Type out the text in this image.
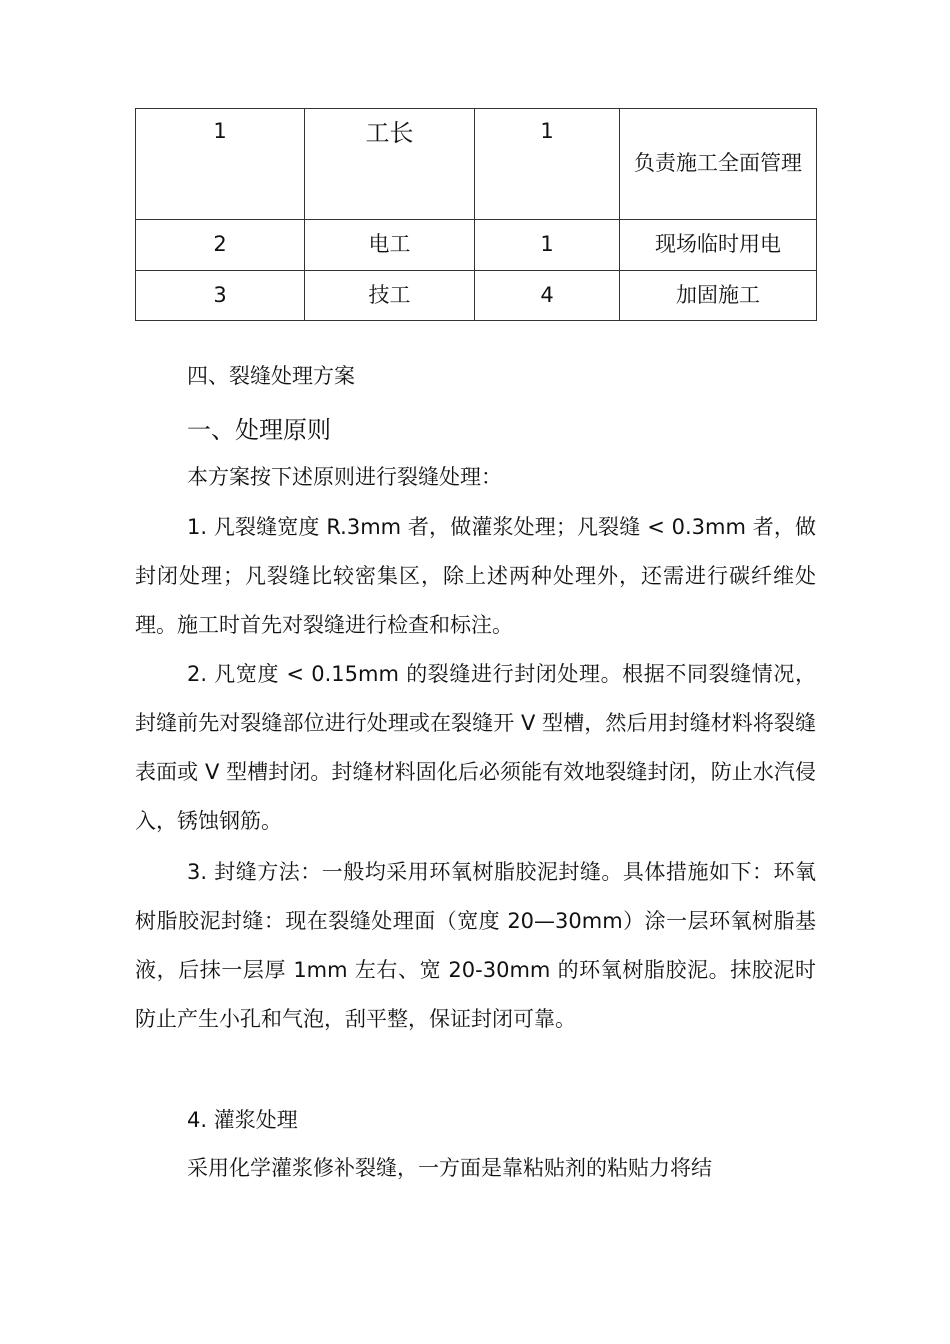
1	工长	1	负责施工全面管理
2	电工	1	现场临时用电
3	技工	4	加固施工

四、裂缝处理方案

一、处理原则

本方案按下述原则进行裂缝处理：

1. 凡裂缝宽度 R.3mm 者，做灌浆处理；凡裂缝 < 0.3mm 者，做封闭处理；凡裂缝比较密集区，除上述两种处理外，还需进行碳纤维处理。施工时首先对裂缝进行检查和标注。

2. 凡宽度 < 0.15mm 的裂缝进行封闭处理。根据不同裂缝情况，封缝前先对裂缝部位进行处理或在裂缝开 V 型槽，然后用封缝材料将裂缝表面或 V 型槽封闭。封缝材料固化后必须能有效地裂缝封闭，防止水汽侵入，锈蚀钢筋。

3. 封缝方法：一般均采用环氧树脂胶泥封缝。具体措施如下：环氧树脂胶泥封缝：现在裂缝处理面（宽度 20—30mm）涂一层环氧树脂基液，后抹一层厚 1mm 左右、宽 20-30mm 的环氧树脂胶泥。抹胶泥时防止产生小孔和气泡，刮平整，保证封闭可靠。

4. 灌浆处理

采用化学灌浆修补裂缝，一方面是靠粘贴剂的粘贴力将结
